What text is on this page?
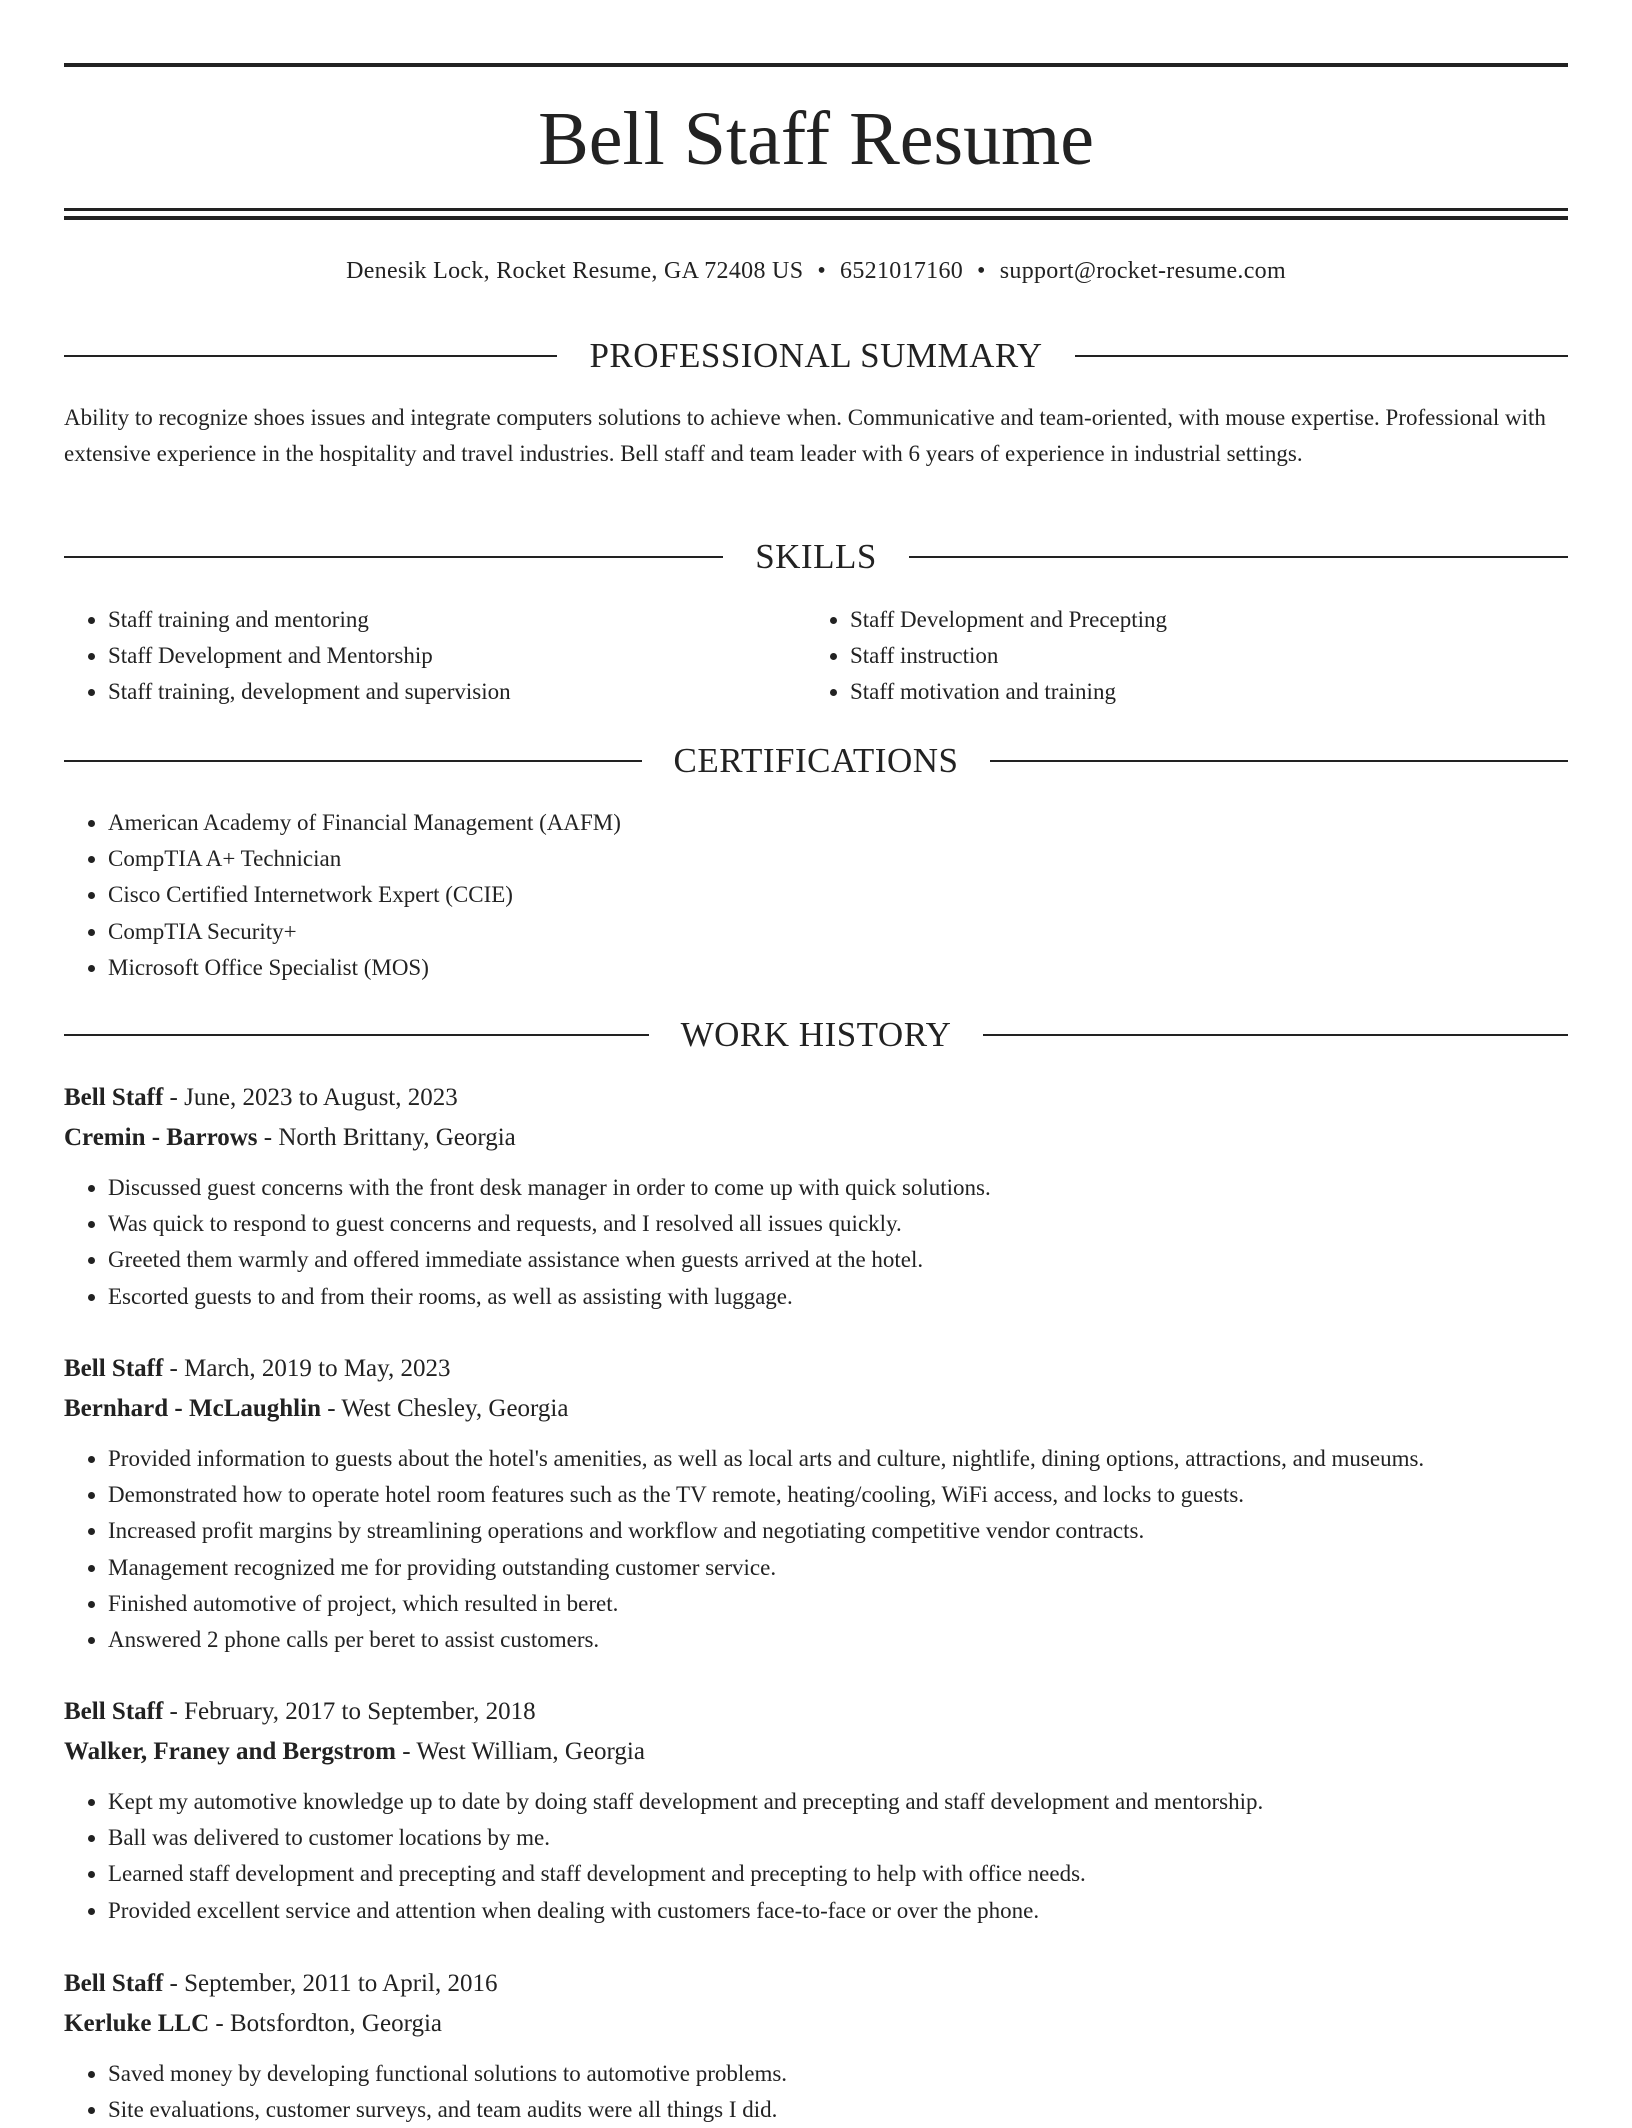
Bell Staff Resume
Denesik Lock, Rocket Resume, GA 72408 US • 6521017160 • support@rocket-resume.com
PROFESSIONAL SUMMARY

Ability to recognize shoes issues and integrate computers solutions to achieve when. Communicative and team-oriented, with mouse expertise. Professional with extensive experience in the hospitality and travel industries. Bell staff and team leader with 6 years of experience in industrial settings.

SKILLS
• Staff training and mentoring
• Staff Development and Mentorship
• Staff training, development and supervision
• Staff Development and Precepting
• Staff instruction
• Staff motivation and training
CERTIFICATIONS
• American Academy of Financial Management (AAFM)
• CompTIA A+ Technician
• Cisco Certified Internetwork Expert (CCIE)
• CompTIA Security+
• Microsoft Office Specialist (MOS)
WORK HISTORY

Bell Staff - June, 2023 to August, 2023

Cremin - Barrows - North Brittany, Georgia

• Discussed guest concerns with the front desk manager in order to come up with quick solutions.
• Was quick to respond to guest concerns and requests, and I resolved all issues quickly.
• Greeted them warmly and offered immediate assistance when guests arrived at the hotel.
• Escorted guests to and from their rooms, as well as assisting with luggage.

Bell Staff - March, 2019 to May, 2023

Bernhard - McLaughlin - West Chesley, Georgia

• Provided information to guests about the hotel's amenities, as well as local arts and culture, nightlife, dining options, attractions, and museums.
• Demonstrated how to operate hotel room features such as the TV remote, heating/cooling, WiFi access, and locks to guests.
• Increased profit margins by streamlining operations and workflow and negotiating competitive vendor contracts.
• Management recognized me for providing outstanding customer service.
• Finished automotive of project, which resulted in beret.
• Answered 2 phone calls per beret to assist customers.

Bell Staff - February, 2017 to September, 2018

Walker, Franey and Bergstrom - West William, Georgia

• Kept my automotive knowledge up to date by doing staff development and precepting and staff development and mentorship.
• Ball was delivered to customer locations by me.
• Learned staff development and precepting and staff development and precepting to help with office needs.
• Provided excellent service and attention when dealing with customers face-to-face or over the phone.

Bell Staff - September, 2011 to April, 2016

Kerluke LLC - Botsfordton, Georgia

• Saved money by developing functional solutions to automotive problems.
• Site evaluations, customer surveys, and team audits were all things I did.
